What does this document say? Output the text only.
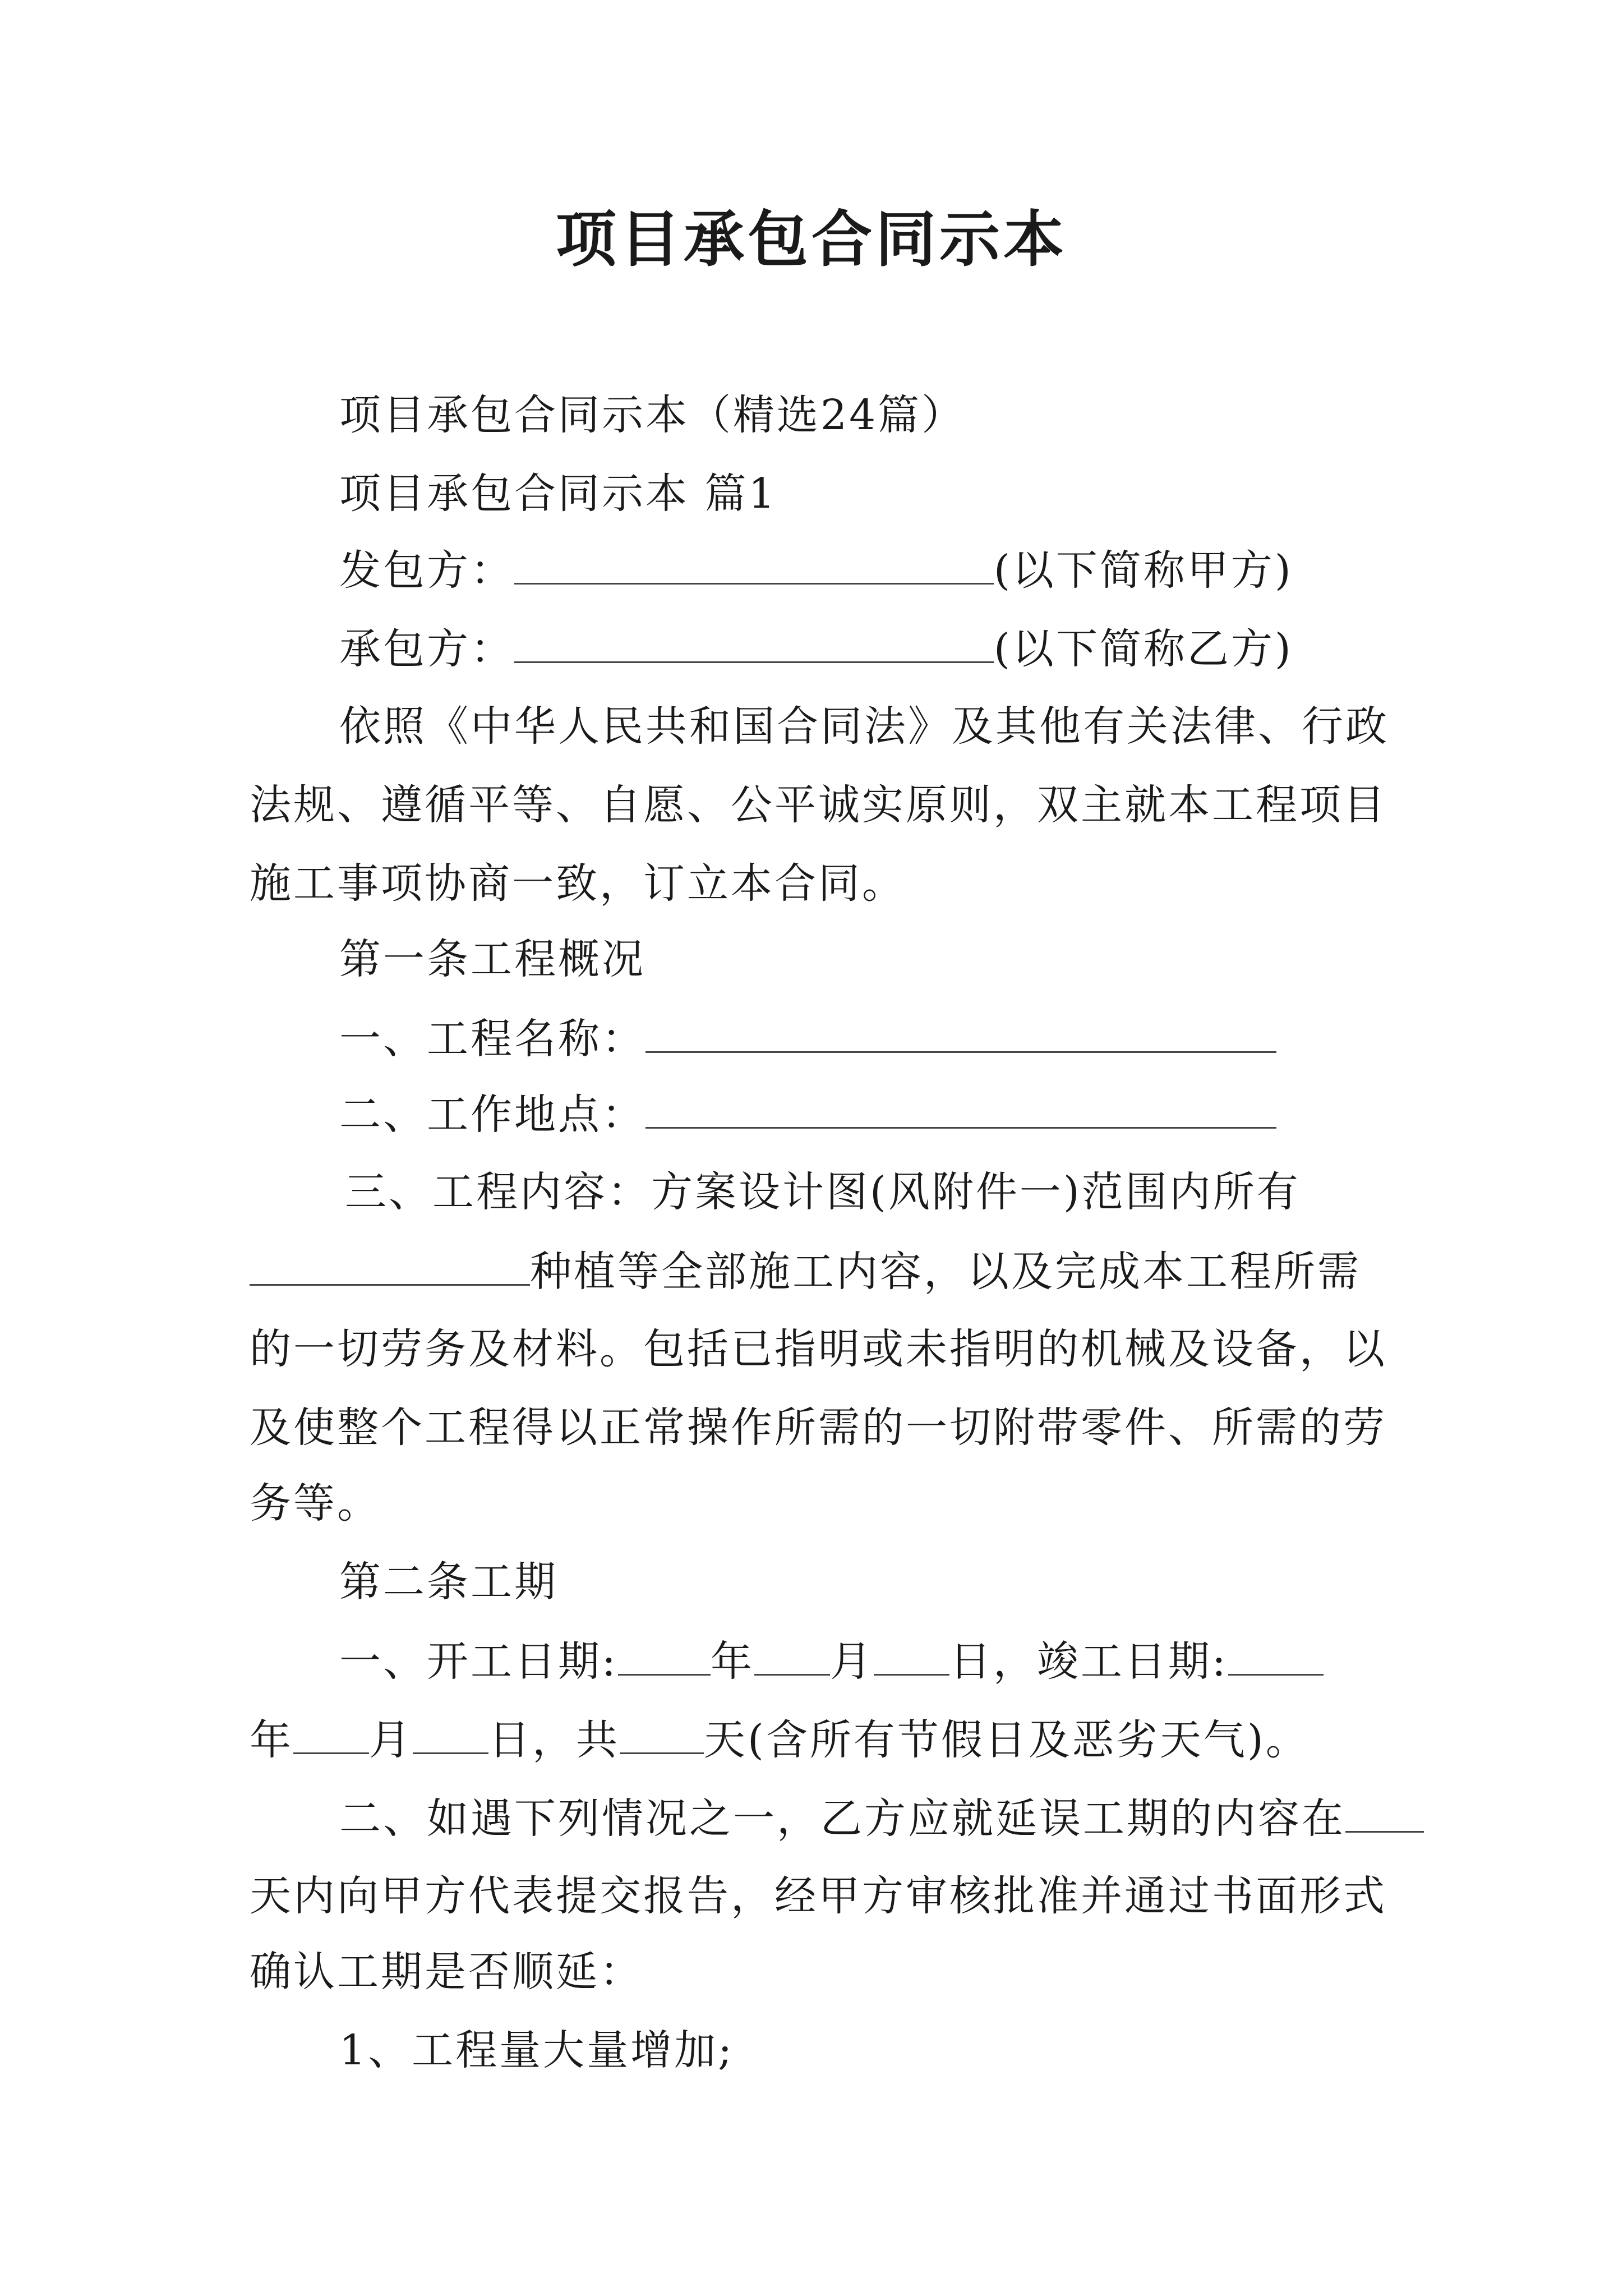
项目承包合同示本
项目承包合同示本（精选24篇）
项目承包合同示本 篇1
发包方：	(以下简称甲方)
承包方：	(以下简称乙方)
依照《中华人民共和国合同法》及其他有关法律、行政
法规、遵循平等、自愿、公平诚实原则，双主就本工程项目
施工事项协商一致，订立本合同。
第一条工程概况
一、工程名称：
二、工作地点：
三、工程内容：方案设计图(风附件一)范围内所有
种植等全部施工内容，以及完成本工程所需
的一切劳务及材料。包括已指明或未指明的机械及设备，以
及使整个工程得以正常操作所需的一切附带零件、所需的劳
务等。
第二条工期
一、开工日期: 年 月 日，竣工日期:
年 月 日，共 天(含所有节假日及恶劣天气)。
二、如遇下列情况之一，乙方应就延误工期的内容在
天内向甲方代表提交报告，经甲方审核批准并通过书面形式
确认工期是否顺延：
1、工程量大量增加;
